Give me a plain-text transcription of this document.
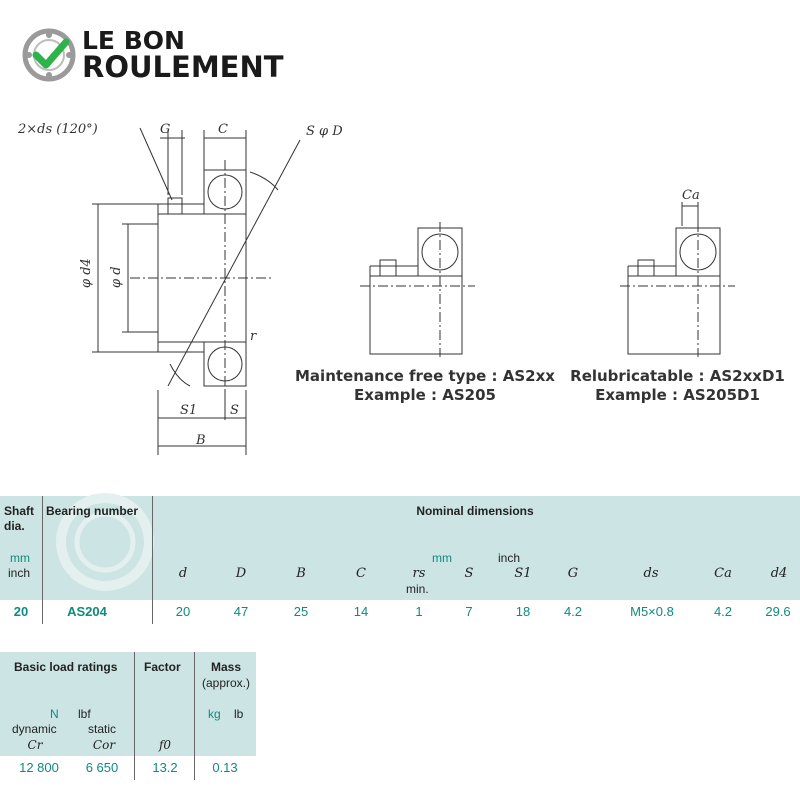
LE BON
ROULEMENT
2×ds (120°)	G	C	S φ D
φ d4 φ d
r
S1	S
B
Maintenance free type : AS2xx
Example : AS205
Ca
Relubricatable : AS2xxD1
Example : AS205D1
Shaft dia.
Bearing number	Nominal dimensions
mm
inch
mm	inch
min.
d	D	B	C	rs	S	S1	G	ds	Ca	d4
20	AS204	20	47	25	14	1	7	18	4.2	M5×0.8	4.2	29.6
Basic load ratings Factor	Mass
(approx.)
N lbf
dynamic	static
kg lb
Cr	Cor	f0
12 800	6 650	13.2	0.13
